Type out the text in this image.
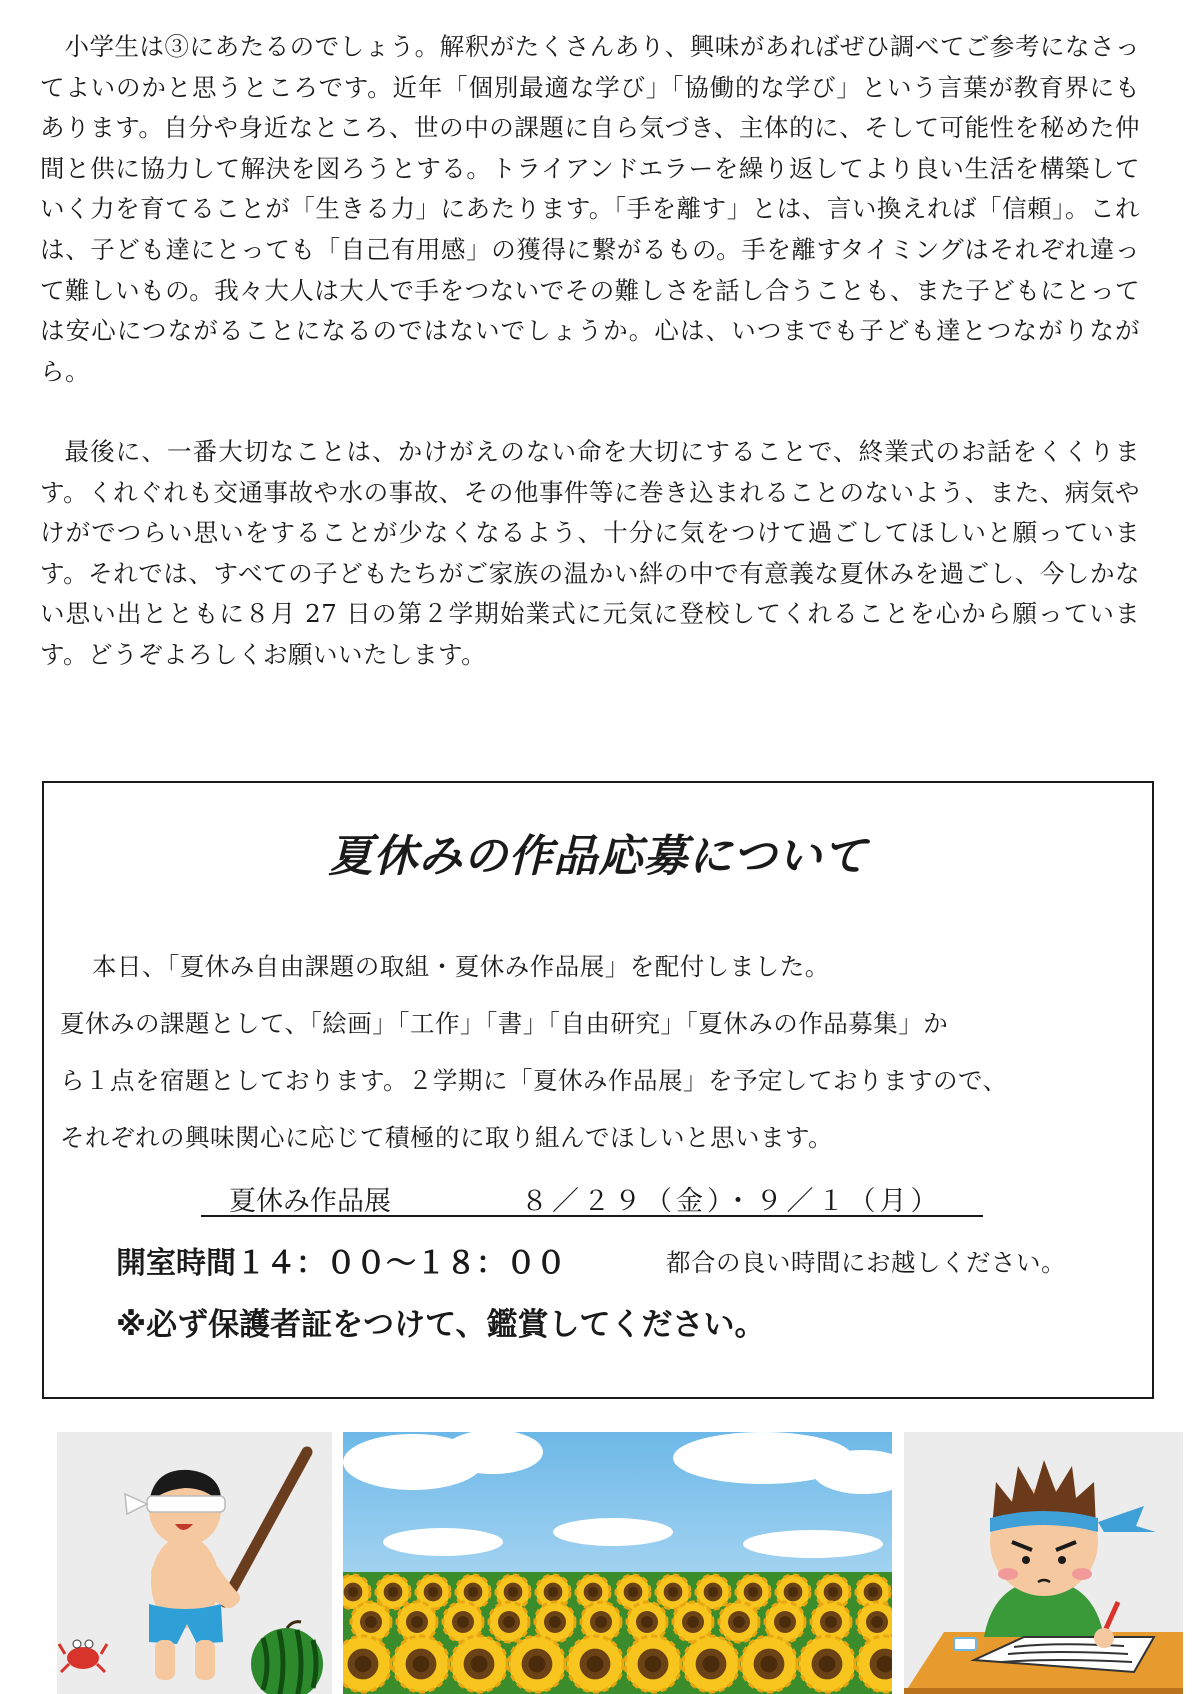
小学生は③にあたるのでしょう。解釈がたくさんあり、興味があればぜひ調べてご参考になさってよいのかと思うところです。近年「個別最適な学び」「協働的な学び」という言葉が教育界にもあります。自分や身近なところ、世の中の課題に自ら気づき、主体的に、そして可能性を秘めた仲間と供に協力して解決を図ろうとする。トライアンドエラーを繰り返してより良い生活を構築していく力を育てることが「生きる力」にあたります。「手を離す」とは、言い換えれば「信頼」。これは、子ども達にとっても「自己有用感」の獲得に繋がるもの。手を離すタイミングはそれぞれ違って難しいもの。我々大人は大人で手をつないでその難しさを話し合うことも、また子どもにとっては安心につながることになるのではないでしょうか。心は、いつまでも子ども達とつながりながら。

最後に、一番大切なことは、かけがえのない命を大切にすることで、終業式のお話をくくります。くれぐれも交通事故や水の事故、その他事件等に巻き込まれることのないよう、また、病気やけがでつらい思いをすることが少なくなるよう、十分に気をつけて過ごしてほしいと願っています。それでは、すべての子どもたちがご家族の温かい絆の中で有意義な夏休みを過ごし、今しかない思い出とともに８月 27 日の第２学期始業式に元気に登校してくれることを心から願っています。どうぞよろしくお願いいたします。

夏休みの作品応募について

本日、「夏休み自由課題の取組・夏休み作品展」を配付しました。

夏休みの課題として、「絵画」「工作」「書」「自由研究」「夏休みの作品募集」か

ら１点を宿題としております。２学期に「夏休み作品展」を予定しておりますので、

それぞれの興味関心に応じて積極的に取り組んでほしいと思います。

夏休み作品展	８／２９（金）・９／１（月）
開室時間１４：００～１８：００	都合の良い時間にお越しください。
※必ず保護者証をつけて、鑑賞してください。
